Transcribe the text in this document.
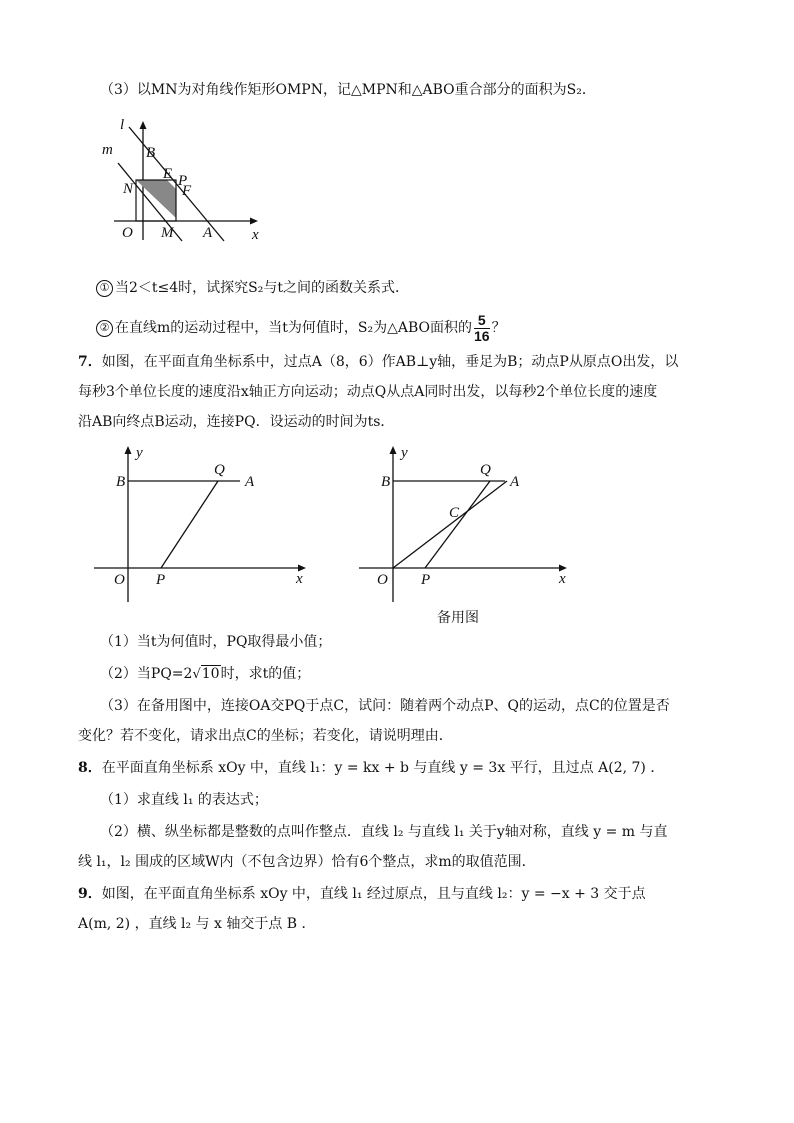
（3）以MN为对角线作矩形OMPN，记△MPN和△ABO重合部分的面积为S₂．
l
m B
E P
N	F
O M A	x
① 当2＜t≤4时，试探究S₂与t之间的函数关系式．
② 在直线m的运动过程中，当t为何值时，S₂为△ABO面积的 $\frac{5}{16}$ ？
7．如图，在平面直角坐标系中，过点A（8，6）作AB⊥y轴，垂足为B；动点P从原点O出发，以
每秒3个单位长度的速度沿x轴正方向运动；动点Q从点A同时出发，以每秒2个单位长度的速度
沿AB向终点B运动，连接PQ．设运动的时间为ts．
y
B
Q
A
O P	x
y
B
Q
A
C
O P	x
备用图
（1）当t为何值时，PQ取得最小值；
（2）当PQ=2√10时，求t的值；
（3）在备用图中，连接OA交PQ于点C，试问：随着两个动点P、Q的运动，点C的位置是否
变化？若不变化，请求出点C的坐标；若变化，请说明理由．
8．在平面直角坐标系 xOy 中，直线 l₁：y = kx + b 与直线 y = 3x 平行，且过点 A(2, 7) ．
（1）求直线 l₁ 的表达式；
（2）横、纵坐标都是整数的点叫作整点．直线 l₂ 与直线 l₁ 关于y轴对称，直线 y = m 与直
线 l₁，l₂ 围成的区域W内（不包含边界）恰有6个整点，求m的取值范围．
9．如图，在平面直角坐标系 xOy 中，直线 l₁ 经过原点，且与直线 l₂：y = −x + 3 交于点
A(m, 2) ，直线 l₂ 与 x 轴交于点 B ．
